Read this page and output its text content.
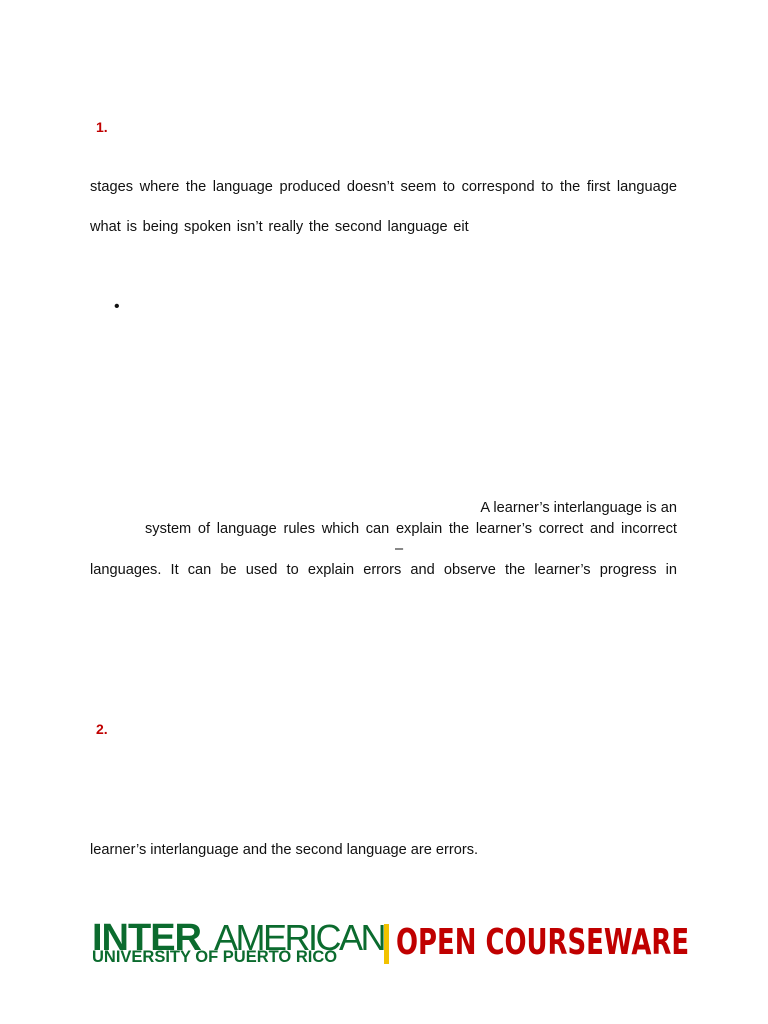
1.
stages where the language produced doesn’t seem to correspond to the first language
what is being spoken isn’t really the second language eit
•
A learner’s interlanguage is an
system of language rules which can explain the learner’s correct and incorrect
–
languages. It can be used to explain errors and observe the learner’s progress in
2.
learner’s interlanguage and the second language are errors.
INTER AMERICAN
UNIVERSITY OF PUERTO RICO OPEN COURSEWARE
